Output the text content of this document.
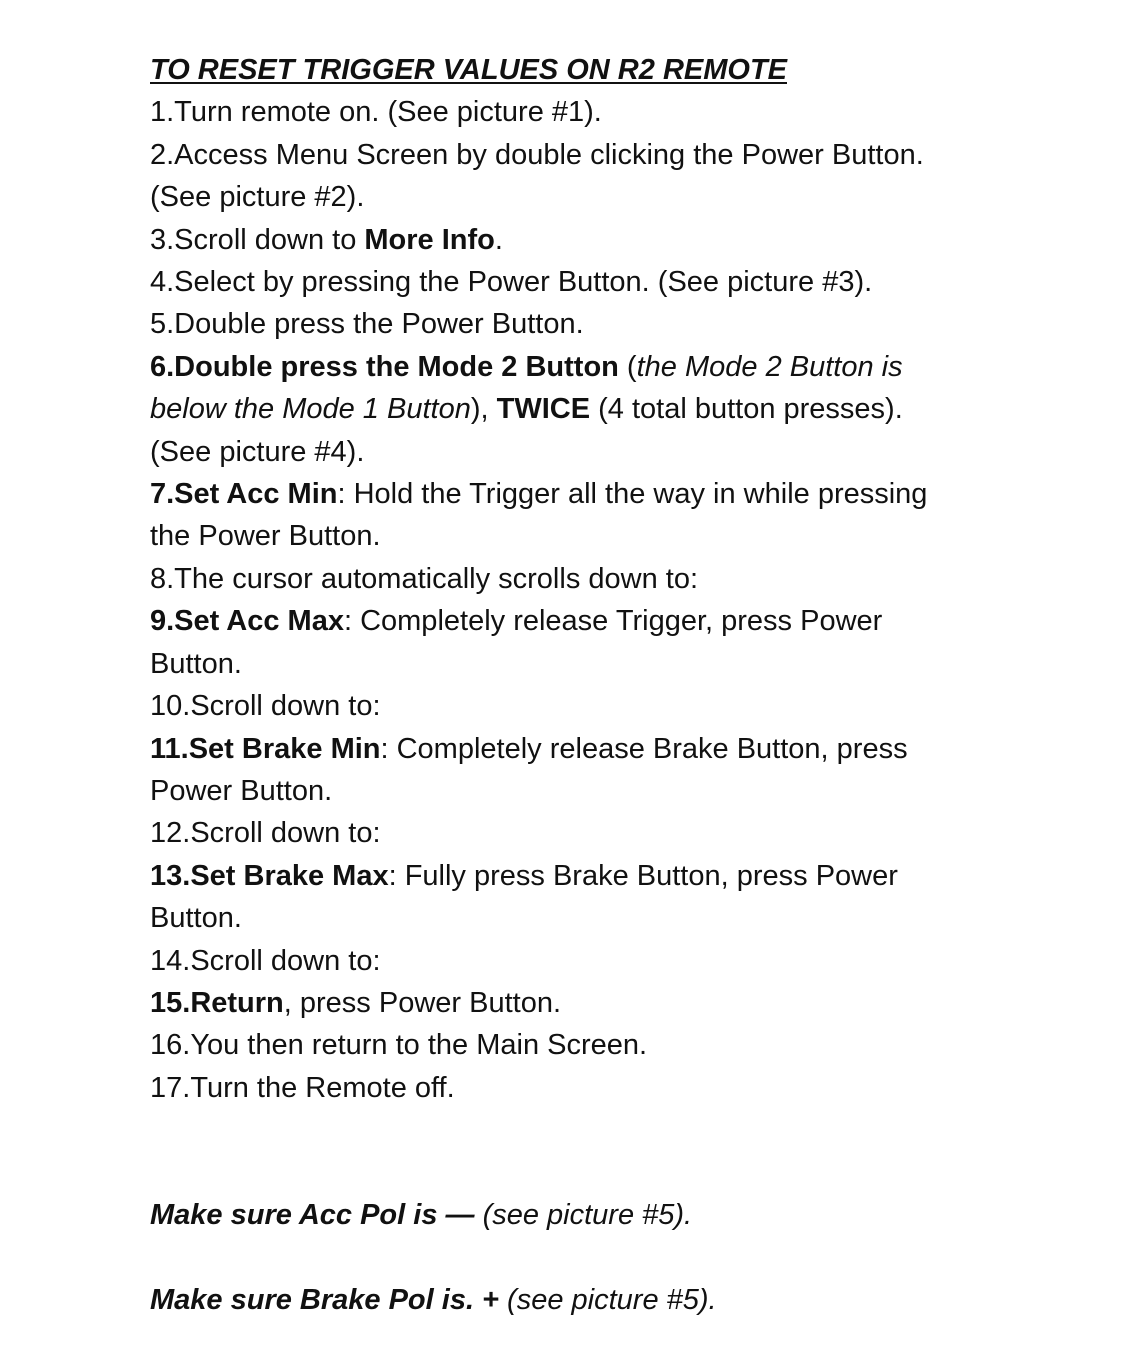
TO RESET TRIGGER VALUES ON R2 REMOTE
1.Turn remote on. (See picture #1).
2.Access Menu Screen by double clicking the Power Button.
(See picture #2).
3.Scroll down to More Info.
4.Select by pressing the Power Button. (See picture #3).
5.Double press the Power Button.
6.Double press the Mode 2 Button (the Mode 2 Button is
below the Mode 1 Button), TWICE (4 total button presses).
(See picture #4).
7.Set Acc Min: Hold the Trigger all the way in while pressing
the Power Button.
8.The cursor automatically scrolls down to:
9.Set Acc Max: Completely release Trigger, press Power
Button.
10.Scroll down to:
11.Set Brake Min: Completely release Brake Button, press
Power Button.
12.Scroll down to:
13.Set Brake Max: Fully press Brake Button, press Power
Button.
14.Scroll down to:
15.Return, press Power Button.
16.You then return to the Main Screen.
17.Turn the Remote off.
Make sure Acc Pol is — (see picture #5).
Make sure Brake Pol is. + (see picture #5).
